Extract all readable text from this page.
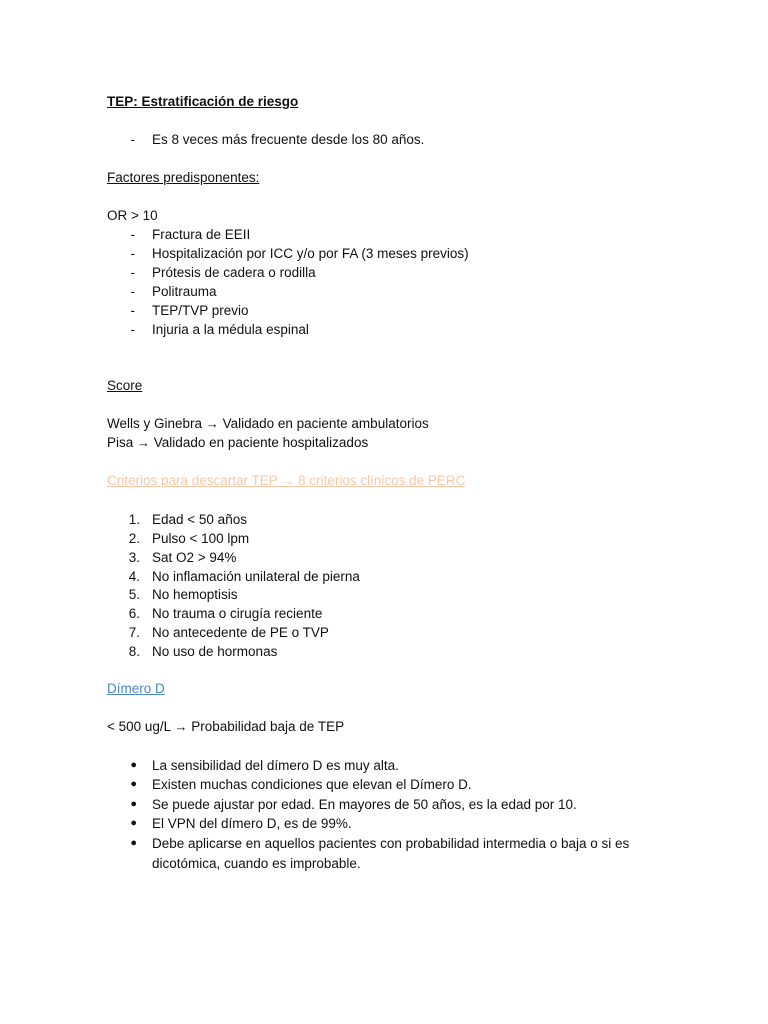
TEP: Estratificación de riesgo
- Es 8 veces más frecuente desde los 80 años.
Factores predisponentes:
OR > 10
- Fractura de EEII
- Hospitalización por ICC y/o por FA (3 meses previos)
- Prótesis de cadera o rodilla
- Politrauma
- TEP/TVP previo
- Injuria a la médula espinal
Score
Wells y Ginebra → Validado en paciente ambulatorios
Pisa → Validado en paciente hospitalizados
Criterios para descartar TEP → 8 criterios clínicos de PERC
1. Edad < 50 años
2. Pulso < 100 lpm
3. Sat O2 > 94%
4. No inflamación unilateral de pierna
5. No hemoptisis
6. No trauma o cirugía reciente
7. No antecedente de PE o TVP
8. No uso de hormonas
Dímero D
< 500 ug/L → Probabilidad baja de TEP
● La sensibilidad del dímero D es muy alta.
● Existen muchas condiciones que elevan el Dímero D.
● Se puede ajustar por edad. En mayores de 50 años, es la edad por 10.
● El VPN del dímero D, es de 99%.
● Debe aplicarse en aquellos pacientes con probabilidad intermedia o baja o si es dicotómica, cuando es improbable.
